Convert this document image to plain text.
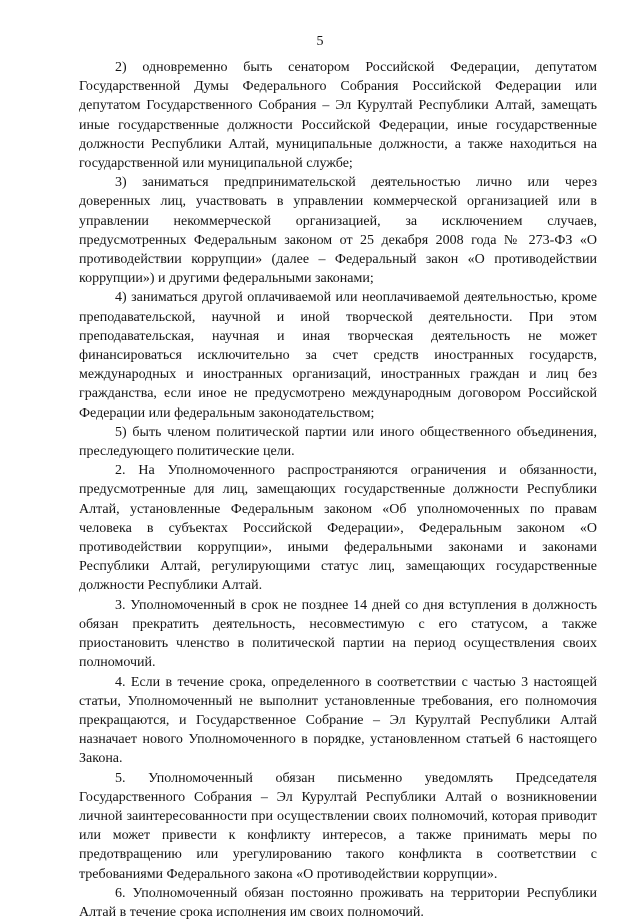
5

2) одновременно быть сенатором Российской Федерации, депутатом Государственной Думы Федерального Собрания Российской Федерации или депутатом Государственного Собрания – Эл Курултай Республики Алтай, замещать иные государственные должности Российской Федерации, иные государственные должности Республики Алтай, муниципальные должности, а также находиться на государственной или муниципальной службе;

3) заниматься предпринимательской деятельностью лично или через доверенных лиц, участвовать в управлении коммерческой организацией или в управлении некоммерческой организацией, за исключением случаев, предусмотренных Федеральным законом от 25 декабря 2008 года № 273-ФЗ «О противодействии коррупции» (далее – Федеральный закон «О противодействии коррупции») и другими федеральными законами;

4) заниматься другой оплачиваемой или неоплачиваемой деятельностью, кроме преподавательской, научной и иной творческой деятельности. При этом преподавательская, научная и иная творческая деятельность не может финансироваться исключительно за счет средств иностранных государств, международных и иностранных организаций, иностранных граждан и лиц без гражданства, если иное не предусмотрено международным договором Российской Федерации или федеральным законодательством;

5) быть членом политической партии или иного общественного объединения, преследующего политические цели.

2. На Уполномоченного распространяются ограничения и обязанности, предусмотренные для лиц, замещающих государственные должности Республики Алтай, установленные Федеральным законом «Об уполномоченных по правам человека в субъектах Российской Федерации», Федеральным законом «О противодействии коррупции», иными федеральными законами и законами Республики Алтай, регулирующими статус лиц, замещающих государственные должности Республики Алтай.

3. Уполномоченный в срок не позднее 14 дней со дня вступления в должность обязан прекратить деятельность, несовместимую с его статусом, а также приостановить членство в политической партии на период осуществления своих полномочий.

4. Если в течение срока, определенного в соответствии с частью 3 настоящей статьи, Уполномоченный не выполнит установленные требования, его полномочия прекращаются, и Государственное Собрание – Эл Курултай Республики Алтай назначает нового Уполномоченного в порядке, установленном статьей 6 настоящего Закона.

5. Уполномоченный обязан письменно уведомлять Председателя Государственного Собрания – Эл Курултай Республики Алтай о возникновении личной заинтересованности при осуществлении своих полномочий, которая приводит или может привести к конфликту интересов, а также принимать меры по предотвращению или урегулированию такого конфликта в соответствии с требованиями Федерального закона «О противодействии коррупции».

6. Уполномоченный обязан постоянно проживать на территории Республики Алтай в течение срока исполнения им своих полномочий.
